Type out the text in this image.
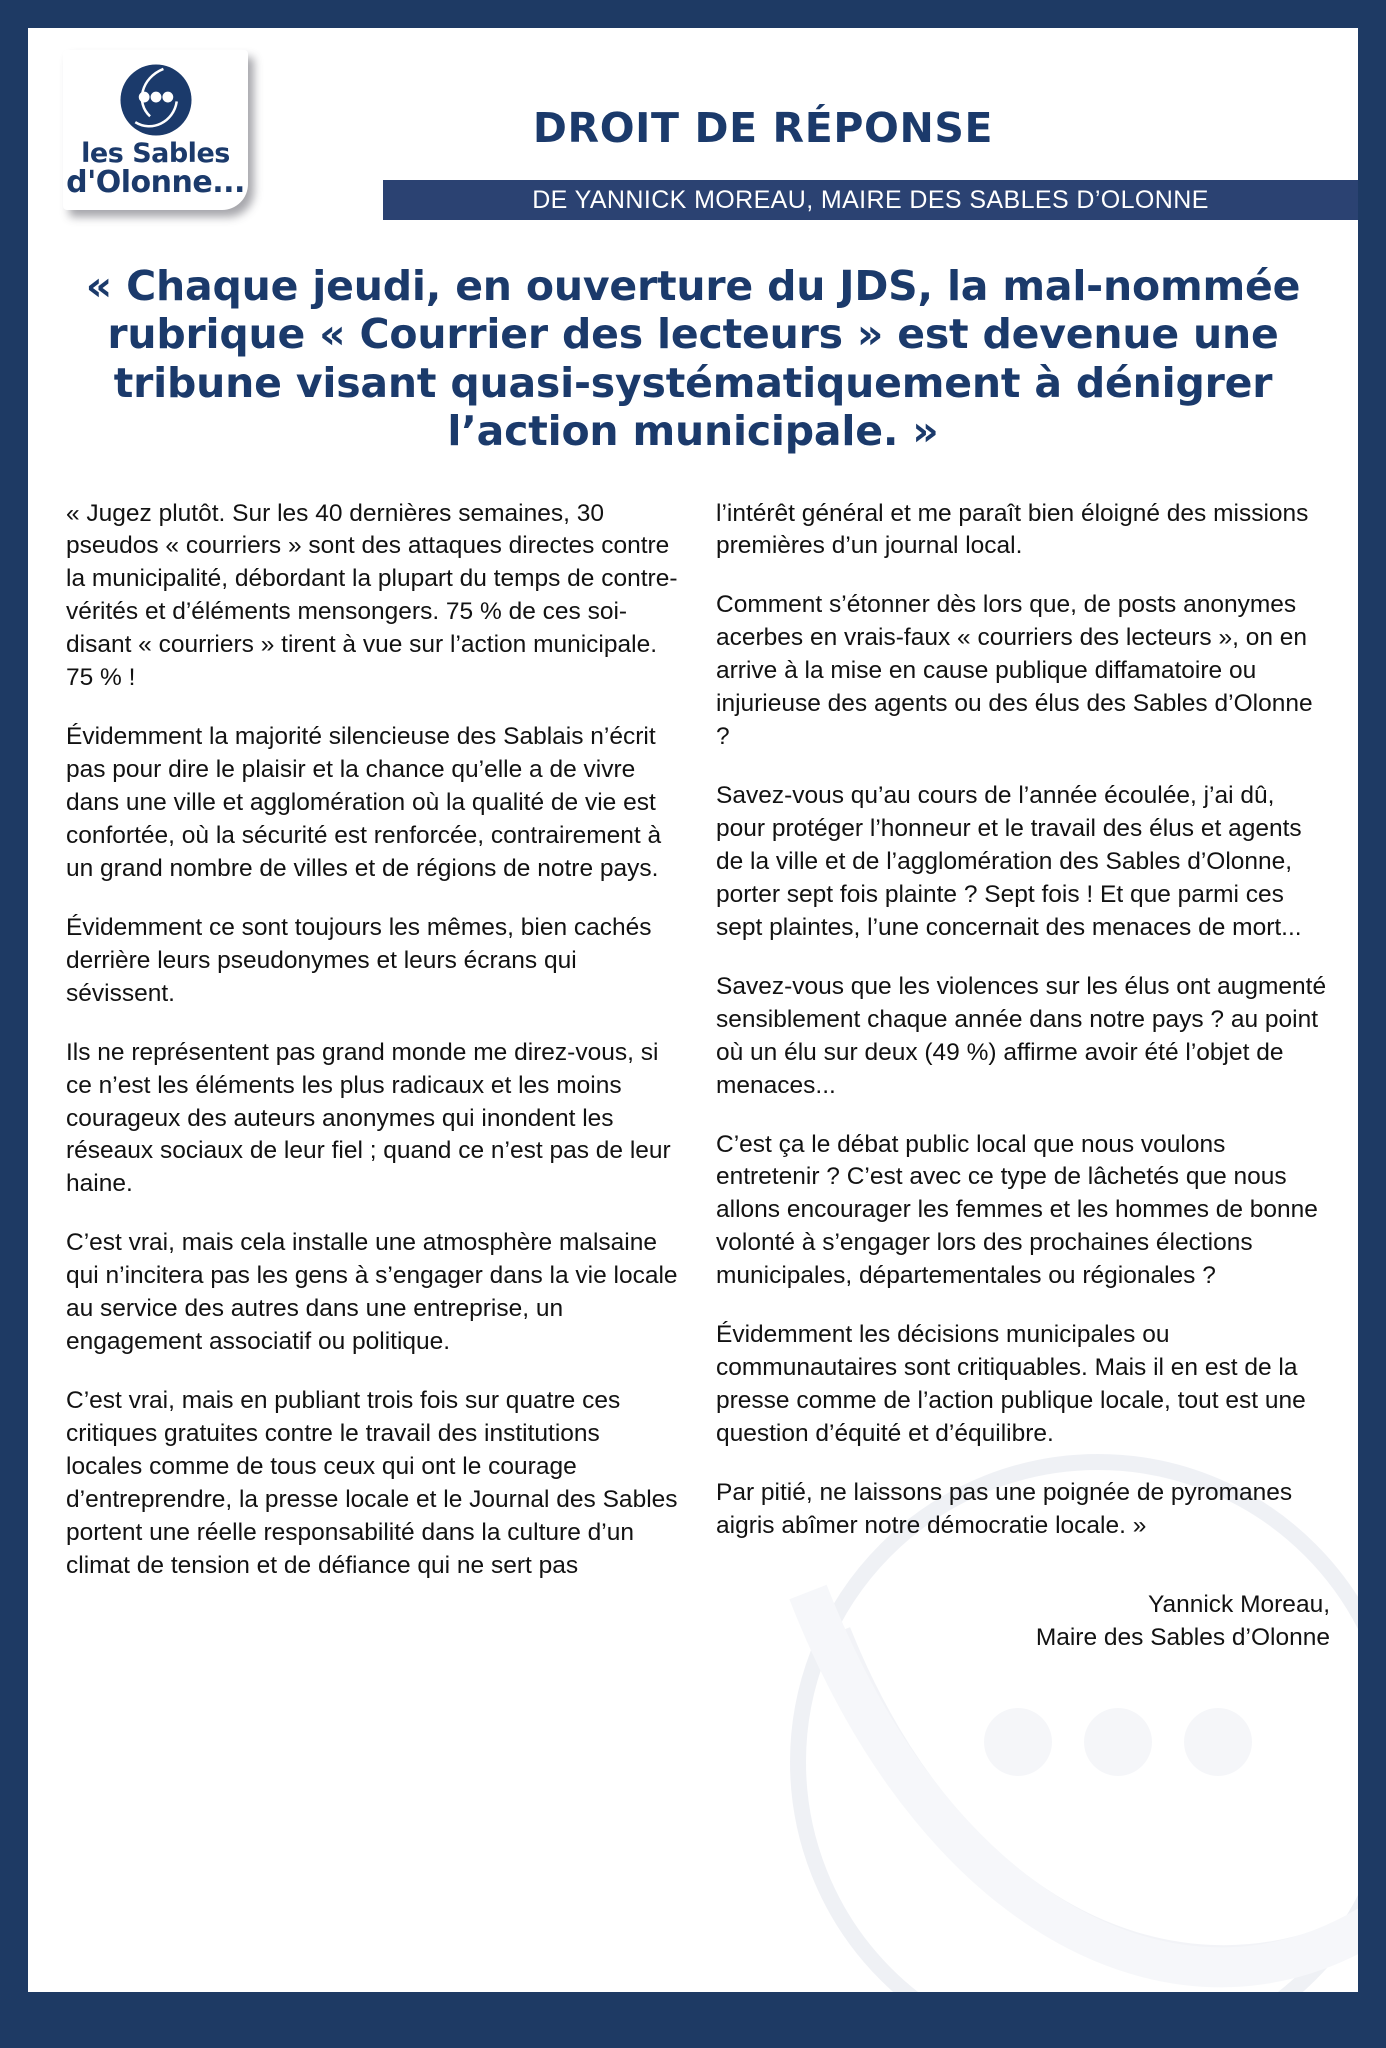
les Sables
d'Olonne...
DROIT DE RÉPONSE
DE YANNICK MOREAU, MAIRE DES SABLES D’OLONNE
« Chaque jeudi, en ouverture du JDS, la mal-nommée rubrique « Courrier des lecteurs » est devenue une tribune visant quasi-systématiquement à dénigrer l’action municipale. »

« Jugez plutôt. Sur les 40 dernières semaines, 30 pseudos « courriers » sont des attaques directes contre la municipalité, débordant la plupart du temps de contre-vérités et d’éléments mensongers. 75 % de ces soi-disant « courriers » tirent à vue sur l’action municipale. 75 % !

Évidemment la majorité silencieuse des Sablais n’écrit pas pour dire le plaisir et la chance qu’elle a de vivre dans une ville et agglomération où la qualité de vie est confortée, où la sécurité est renforcée, contrairement à un grand nombre de villes et de régions de notre pays.

Évidemment ce sont toujours les mêmes, bien cachés derrière leurs pseudonymes et leurs écrans qui sévissent.

Ils ne représentent pas grand monde me direz-vous, si ce n’est les éléments les plus radicaux et les moins courageux des auteurs anonymes qui inondent les réseaux sociaux de leur fiel ; quand ce n’est pas de leur haine.

C’est vrai, mais cela installe une atmosphère malsaine qui n’incitera pas les gens à s’engager dans la vie locale au service des autres dans une entreprise, un engagement associatif ou politique.

C’est vrai, mais en publiant trois fois sur quatre ces critiques gratuites contre le travail des institutions locales comme de tous ceux qui ont le courage d’entreprendre, la presse locale et le Journal des Sables portent une réelle responsabilité dans la culture d’un climat de tension et de défiance qui ne sert pas

l’intérêt général et me paraît bien éloigné des missions premières d’un journal local.

Comment s’étonner dès lors que, de posts anonymes acerbes en vrais-faux « courriers des lecteurs », on en arrive à la mise en cause publique diffamatoire ou injurieuse des agents ou des élus des Sables d’Olonne ?

Savez-vous qu’au cours de l’année écoulée, j’ai dû, pour protéger l’honneur et le travail des élus et agents de la ville et de l’agglomération des Sables d’Olonne, porter sept fois plainte ? Sept fois ! Et que parmi ces sept plaintes, l’une concernait des menaces de mort...

Savez-vous que les violences sur les élus ont augmenté sensiblement chaque année dans notre pays ? au point où un élu sur deux (49 %) affirme avoir été l’objet de menaces...

C’est ça le débat public local que nous voulons entretenir ? C’est avec ce type de lâchetés que nous allons encourager les femmes et les hommes de bonne volonté à s’engager lors des prochaines élections municipales, départementales ou régionales ?

Évidemment les décisions municipales ou communautaires sont critiquables. Mais il en est de la presse comme de l’action publique locale, tout est une question d’équité et d’équilibre.

Par pitié, ne laissons pas une poignée de pyromanes aigris abîmer notre démocratie locale. »

Yannick Moreau,
Maire des Sables d’Olonne
